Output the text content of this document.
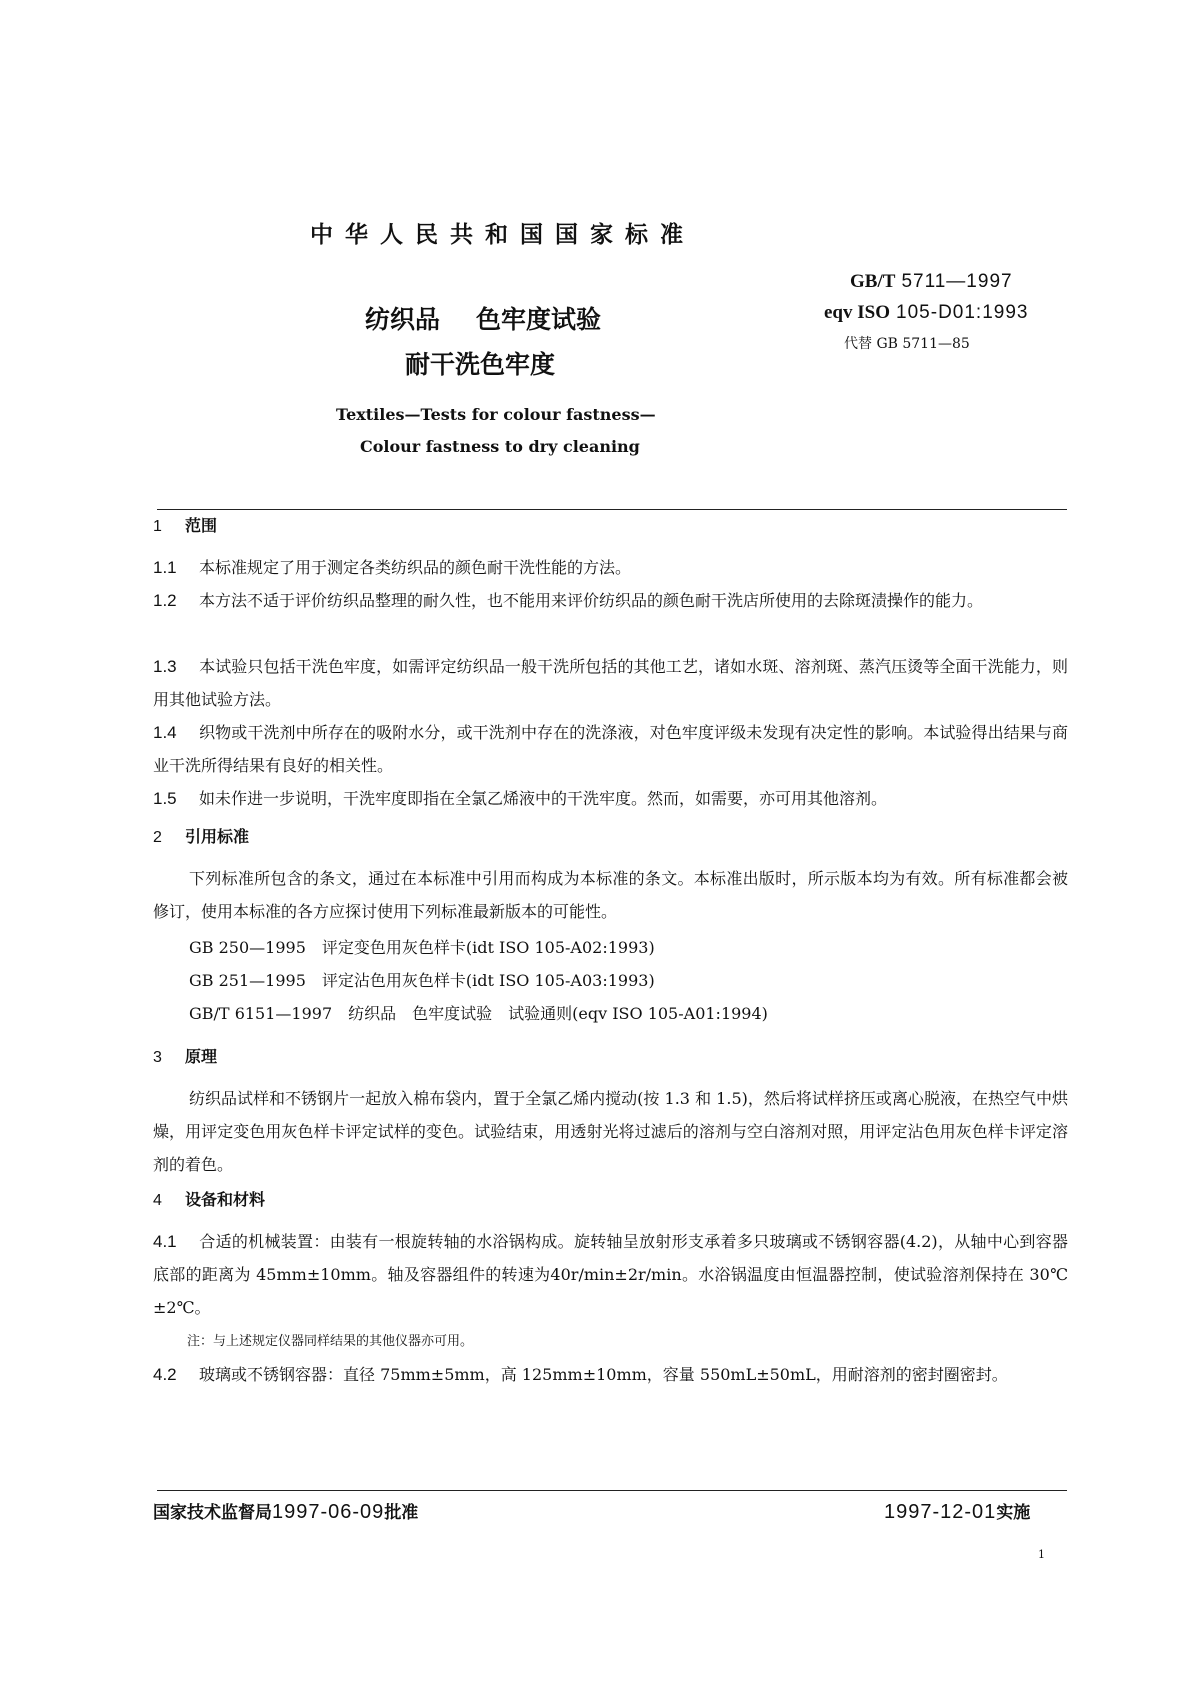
中华人民共和国国家标准
GB/T 5711—1997
eqv ISO 105-D01:1993
代替 GB 5711—85
纺织品 色牢度试验
耐干洗色牢度
Textiles—Tests for colour fastness—
Colour fastness to dry cleaning
1 范围
1.1 本标准规定了用于测定各类纺织品的颜色耐干洗性能的方法。
1.2 本方法不适于评价纺织品整理的耐久性，也不能用来评价纺织品的颜色耐干洗店所使用的去除斑渍操作的能力。
1.3 本试验只包括干洗色牢度，如需评定纺织品一般干洗所包括的其他工艺，诸如水斑、溶剂斑、蒸汽压烫等全面干洗能力，则用其他试验方法。
1.4 织物或干洗剂中所存在的吸附水分，或干洗剂中存在的洗涤液，对色牢度评级未发现有决定性的影响。本试验得出结果与商业干洗所得结果有良好的相关性。
1.5 如未作进一步说明，干洗牢度即指在全氯乙烯液中的干洗牢度。然而，如需要，亦可用其他溶剂。
2 引用标准
下列标准所包含的条文，通过在本标准中引用而构成为本标准的条文。本标准出版时，所示版本均为有效。所有标准都会被修订，使用本标准的各方应探讨使用下列标准最新版本的可能性。
GB 250—1995　评定变色用灰色样卡(idt ISO 105-A02:1993)
GB 251—1995　评定沾色用灰色样卡(idt ISO 105-A03:1993)
GB/T 6151—1997　纺织品　色牢度试验　试验通则(eqv ISO 105-A01:1994)
3 原理
纺织品试样和不锈钢片一起放入棉布袋内，置于全氯乙烯内搅动(按 1.3 和 1.5)，然后将试样挤压或离心脱液，在热空气中烘燥，用评定变色用灰色样卡评定试样的变色。试验结束，用透射光将过滤后的溶剂与空白溶剂对照，用评定沾色用灰色样卡评定溶剂的着色。
4 设备和材料
4.1 合适的机械装置：由装有一根旋转轴的水浴锅构成。旋转轴呈放射形支承着多只玻璃或不锈钢容器(4.2)，从轴中心到容器底部的距离为 45mm±10mm。轴及容器组件的转速为40r/min±2r/min。水浴锅温度由恒温器控制，使试验溶剂保持在 30℃±2℃。
注：与上述规定仪器同样结果的其他仪器亦可用。
4.2 玻璃或不锈钢容器：直径 75mm±5mm，高 125mm±10mm，容量 550mL±50mL，用耐溶剂的密封圈密封。
国家技术监督局1997-06-09批准	1997-12-01实施
1
